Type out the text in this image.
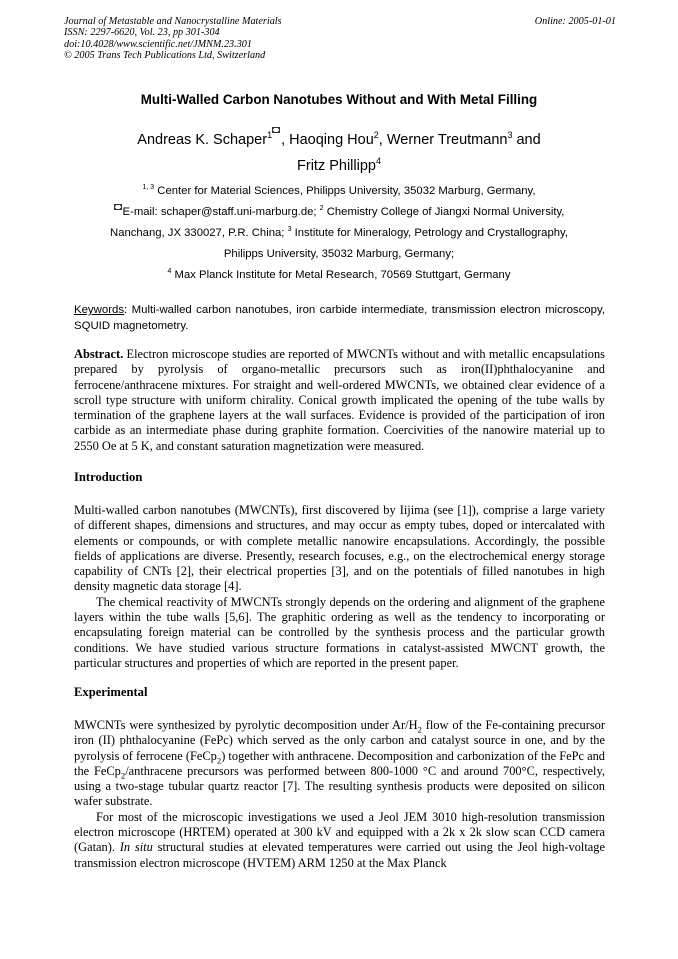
Journal of Metastable and Nanocrystalline Materials	Online: 2005-01-01
ISSN: 2297-6620, Vol. 23, pp 301-304
doi:10.4028/www.scientific.net/JMNM.23.301
© 2005 Trans Tech Publications Ltd, Switzerland
Multi-Walled Carbon Nanotubes Without and With Metal Filling
Andreas K. Schaper$^1$ , Haoqing Hou$^2$, Werner Treutmann$^3$ and
Fritz Phillipp$^4$
$^{1, 3}$ Center for Material Sciences, Philipps University, 35032 Marburg, Germany,
E-mail: schaper@staff.uni-marburg.de; $^2$ Chemistry College of Jiangxi Normal University,
Nanchang, JX 330027, P.R. China; $^3$ Institute for Mineralogy, Petrology and Crystallography,
Philipps University, 35032 Marburg, Germany;
$^4$ Max Planck Institute for Metal Research, 70569 Stuttgart, Germany
Keywords: Multi-walled carbon nanotubes, iron carbide intermediate, transmission electron microscopy, SQUID magnetometry.

Abstract. Electron microscope studies are reported of MWCNTs without and with metallic encapsulations prepared by pyrolysis of organo-metallic precursors such as iron(II)phthalocyanine and ferrocene/anthracene mixtures. For straight and well-ordered MWCNTs, we obtained clear evidence of a scroll type structure with uniform chirality. Conical growth implicated the opening of the tube walls by termination of the graphene layers at the wall surfaces. Evidence is provided of the participation of iron carbide as an intermediate phase during graphite formation. Coercivities of the nanowire material up to 2550 Oe at 5 K, and constant saturation magnetization were measured.

Introduction

Multi-walled carbon nanotubes (MWCNTs), first discovered by Iijima (see [1]), comprise a large variety of different shapes, dimensions and structures, and may occur as empty tubes, doped or intercalated with elements or compounds, or with complete metallic nanowire encapsulations. Accordingly, the possible fields of applications are diverse. Presently, research focuses, e.g., on the electrochemical energy storage capability of CNTs [2], their electrical properties [3], and on the potentials of filled nanotubes in high density magnetic data storage [4].

The chemical reactivity of MWCNTs strongly depends on the ordering and alignment of the graphene layers within the tube walls [5,6]. The graphitic ordering as well as the tendency to incorporating or encapsulating foreign material can be controlled by the synthesis process and the particular growth conditions. We have studied various structure formations in catalyst-assisted MWCNT growth, the particular structures and properties of which are reported in the present paper.

Experimental

MWCNTs were synthesized by pyrolytic decomposition under $Ar/H_2$ flow of the Fe-containing precursor iron (II) phthalocyanine (FePc) which served as the only carbon and catalyst source in one, and by the pyrolysis of ferrocene (FeCp$_2$) together with anthracene. Decomposition and carbonization of the FePc and the FeCp$_2$/anthracene precursors was performed between 800-1000 °C and around 700°C, respectively, using a two-stage tubular quartz reactor [7]. The resulting synthesis products were deposited on silicon wafer substrate.

For most of the microscopic investigations we used a Jeol JEM 3010 high-resolution transmission electron microscope (HRTEM) operated at 300 kV and equipped with a 2k x 2k slow scan CCD camera (Gatan). In situ structural studies at elevated temperatures were carried out using the Jeol high-voltage transmission electron microscope (HVTEM) ARM 1250 at the Max Planck
